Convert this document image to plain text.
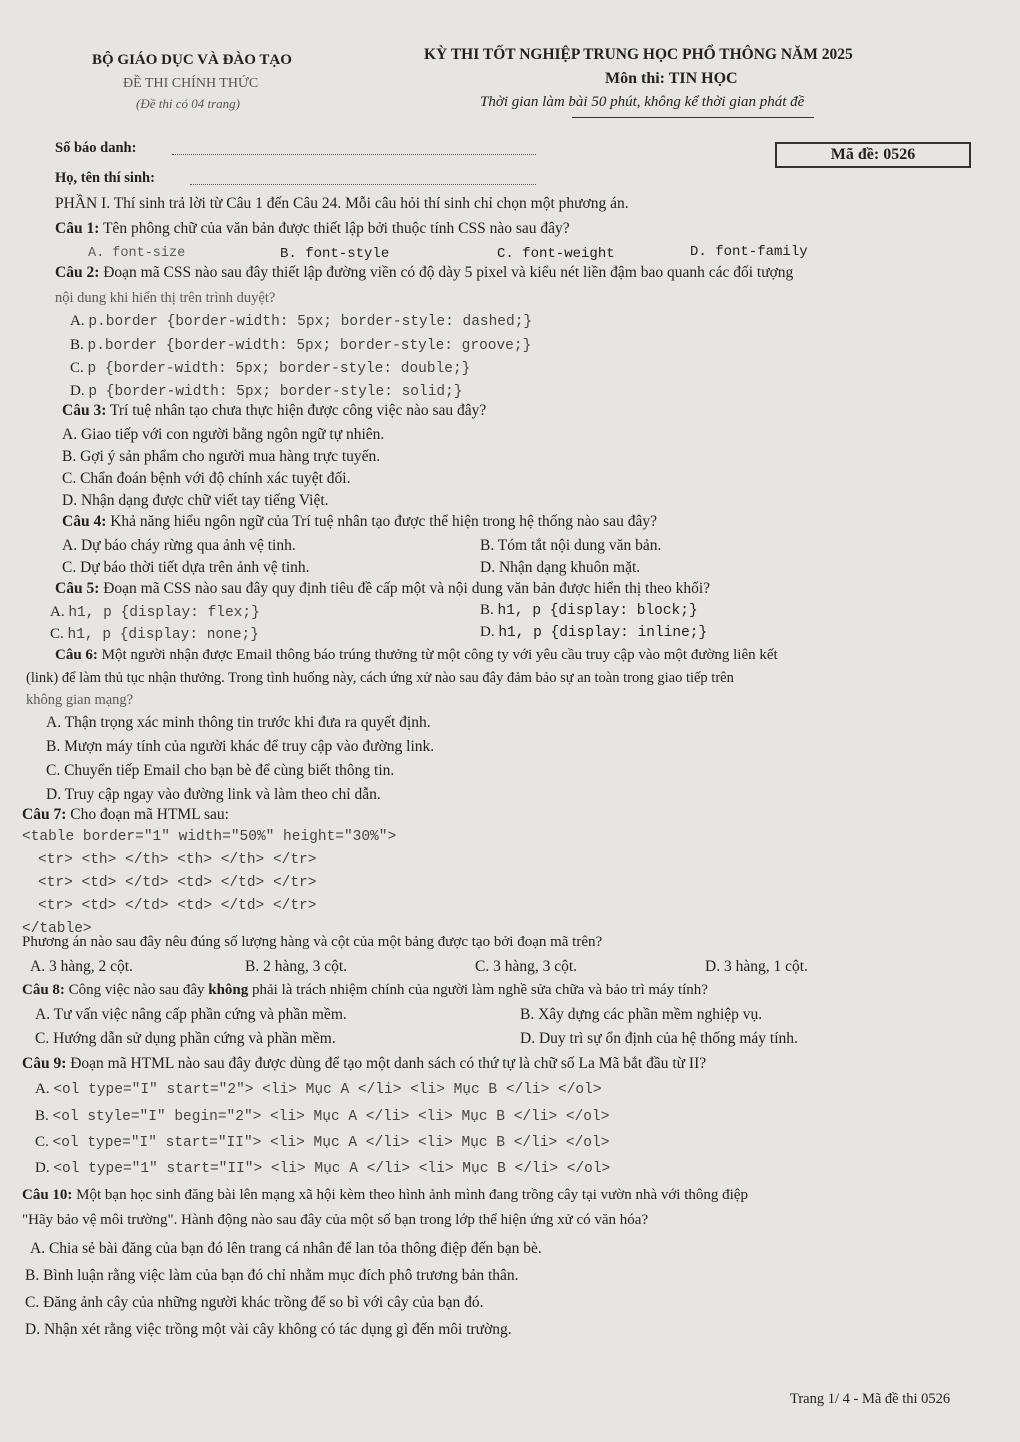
BỘ GIÁO DỤC VÀ ĐÀO TẠO
ĐỀ THI CHÍNH THỨC
(Đề thi có 04 trang)
KỲ THI TỐT NGHIỆP TRUNG HỌC PHỔ THÔNG NĂM 2025
Môn thi: TIN HỌC
Thời gian làm bài 50 phút, không kể thời gian phát đề
Số báo danh:
Họ, tên thí sinh:
Mã đề: 0526
PHẦN I. Thí sinh trả lời từ Câu 1 đến Câu 24. Mỗi câu hỏi thí sinh chỉ chọn một phương án.
Câu 1: Tên phông chữ của văn bản được thiết lập bởi thuộc tính CSS nào sau đây?
A. font-size	B. font-style	C. font-weight	D. font-family
Câu 2: Đoạn mã CSS nào sau đây thiết lập đường viền có độ dày 5 pixel và kiểu nét liền đậm bao quanh các đối tượng
nội dung khi hiển thị trên trình duyệt?
A. p.border {border-width: 5px; border-style: dashed;}
B. p.border {border-width: 5px; border-style: groove;}
C. p {border-width: 5px; border-style: double;}
D. p {border-width: 5px; border-style: solid;}
Câu 3: Trí tuệ nhân tạo chưa thực hiện được công việc nào sau đây?
A. Giao tiếp với con người bằng ngôn ngữ tự nhiên.
B. Gợi ý sản phẩm cho người mua hàng trực tuyến.
C. Chẩn đoán bệnh với độ chính xác tuyệt đối.
D. Nhận dạng được chữ viết tay tiếng Việt.
Câu 4: Khả năng hiểu ngôn ngữ của Trí tuệ nhân tạo được thể hiện trong hệ thống nào sau đây?
A. Dự báo cháy rừng qua ảnh vệ tinh.	B. Tóm tắt nội dung văn bản.
C. Dự báo thời tiết dựa trên ảnh vệ tinh.	D. Nhận dạng khuôn mặt.
Câu 5: Đoạn mã CSS nào sau đây quy định tiêu đề cấp một và nội dung văn bản được hiển thị theo khối?
A. h1, p {display: flex;}	B. h1, p {display: block;}
C. h1, p {display: none;}	D. h1, p {display: inline;}
Câu 6: Một người nhận được Email thông báo trúng thưởng từ một công ty với yêu cầu truy cập vào một đường liên kết
(link) để làm thủ tục nhận thưởng. Trong tình huống này, cách ứng xử nào sau đây đảm bảo sự an toàn trong giao tiếp trên
không gian mạng?
A. Thận trọng xác minh thông tin trước khi đưa ra quyết định.
B. Mượn máy tính của người khác để truy cập vào đường link.
C. Chuyển tiếp Email cho bạn bè để cùng biết thông tin.
D. Truy cập ngay vào đường link và làm theo chỉ dẫn.
Câu 7: Cho đoạn mã HTML sau:
<table border="1" width="50%" height="30%">
<tr> <th> </th> <th> </th> </tr>
<tr> <td> </td> <td> </td> </tr>
<tr> <td> </td> <td> </td> </tr>
</table>
Phương án nào sau đây nêu đúng số lượng hàng và cột của một bảng được tạo bởi đoạn mã trên?
A. 3 hàng, 2 cột.	B. 2 hàng, 3 cột.	C. 3 hàng, 3 cột.	D. 3 hàng, 1 cột.
Câu 8: Công việc nào sau đây không phải là trách nhiệm chính của người làm nghề sửa chữa và bảo trì máy tính?
A. Tư vấn việc nâng cấp phần cứng và phần mềm.	B. Xây dựng các phần mềm nghiệp vụ.
C. Hướng dẫn sử dụng phần cứng và phần mềm.	D. Duy trì sự ổn định của hệ thống máy tính.
Câu 9: Đoạn mã HTML nào sau đây được dùng để tạo một danh sách có thứ tự là chữ số La Mã bắt đầu từ II?
A. <ol type="I" start="2"> <li> Mục A </li> <li> Mục B </li> </ol>
B. <ol style="I" begin="2"> <li> Mục A </li> <li> Mục B </li> </ol>
C. <ol type="I" start="II"> <li> Mục A </li> <li> Mục B </li> </ol>
D. <ol type="1" start="II"> <li> Mục A </li> <li> Mục B </li> </ol>
Câu 10: Một bạn học sinh đăng bài lên mạng xã hội kèm theo hình ảnh mình đang trồng cây tại vườn nhà với thông điệp
"Hãy bảo vệ môi trường". Hành động nào sau đây của một số bạn trong lớp thể hiện ứng xử có văn hóa?
A. Chia sẻ bài đăng của bạn đó lên trang cá nhân để lan tỏa thông điệp đến bạn bè.
B. Bình luận rằng việc làm của bạn đó chỉ nhằm mục đích phô trương bản thân.
C. Đăng ảnh cây của những người khác trồng để so bì với cây của bạn đó.
D. Nhận xét rằng việc trồng một vài cây không có tác dụng gì đến môi trường.
Trang 1/ 4 - Mã đề thi 0526
